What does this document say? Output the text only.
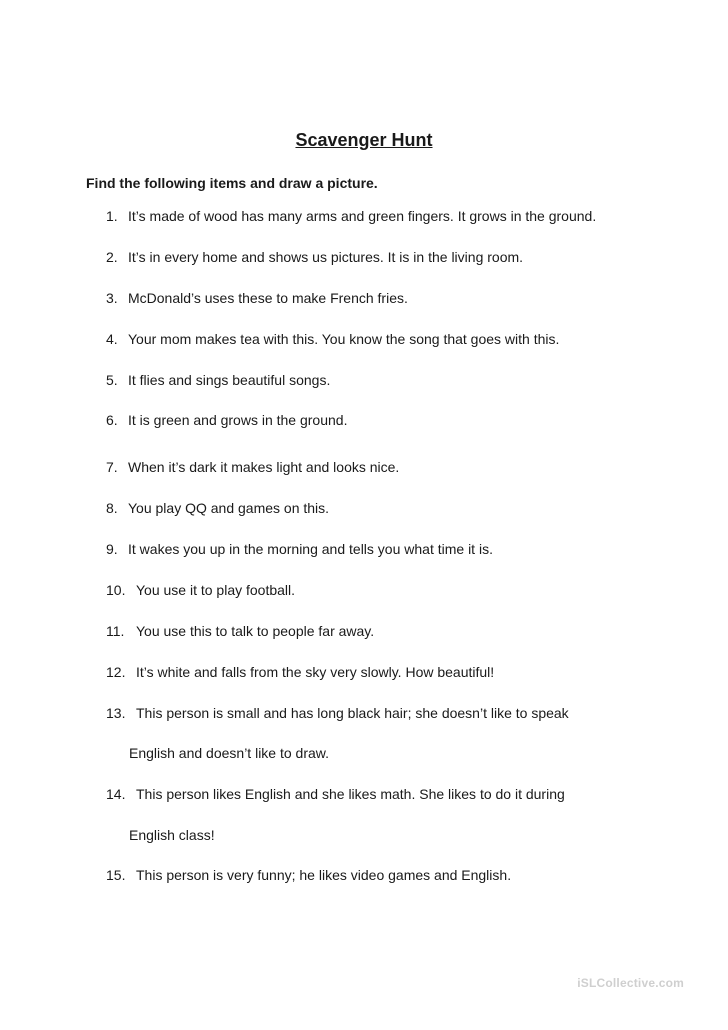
Scavenger Hunt
Find the following items and draw a picture.
1. It’s made of wood has many arms and green fingers. It grows in the ground.
2. It’s in every home and shows us pictures. It is in the living room.
3. McDonald’s uses these to make French fries.
4. Your mom makes tea with this. You know the song that goes with this.
5. It flies and sings beautiful songs.
6. It is green and grows in the ground.
7. When it’s dark it makes light and looks nice.
8. You play QQ and games on this.
9. It wakes you up in the morning and tells you what time it is.
10. You use it to play football.
11. You use this to talk to people far away.
12. It’s white and falls from the sky very slowly. How beautiful!
13. This person is small and has long black hair; she doesn’t like to speak
English and doesn’t like to draw.
14. This person likes English and she likes math. She likes to do it during
English class!
15. This person is very funny; he likes video games and English.
iSLCollective.com
